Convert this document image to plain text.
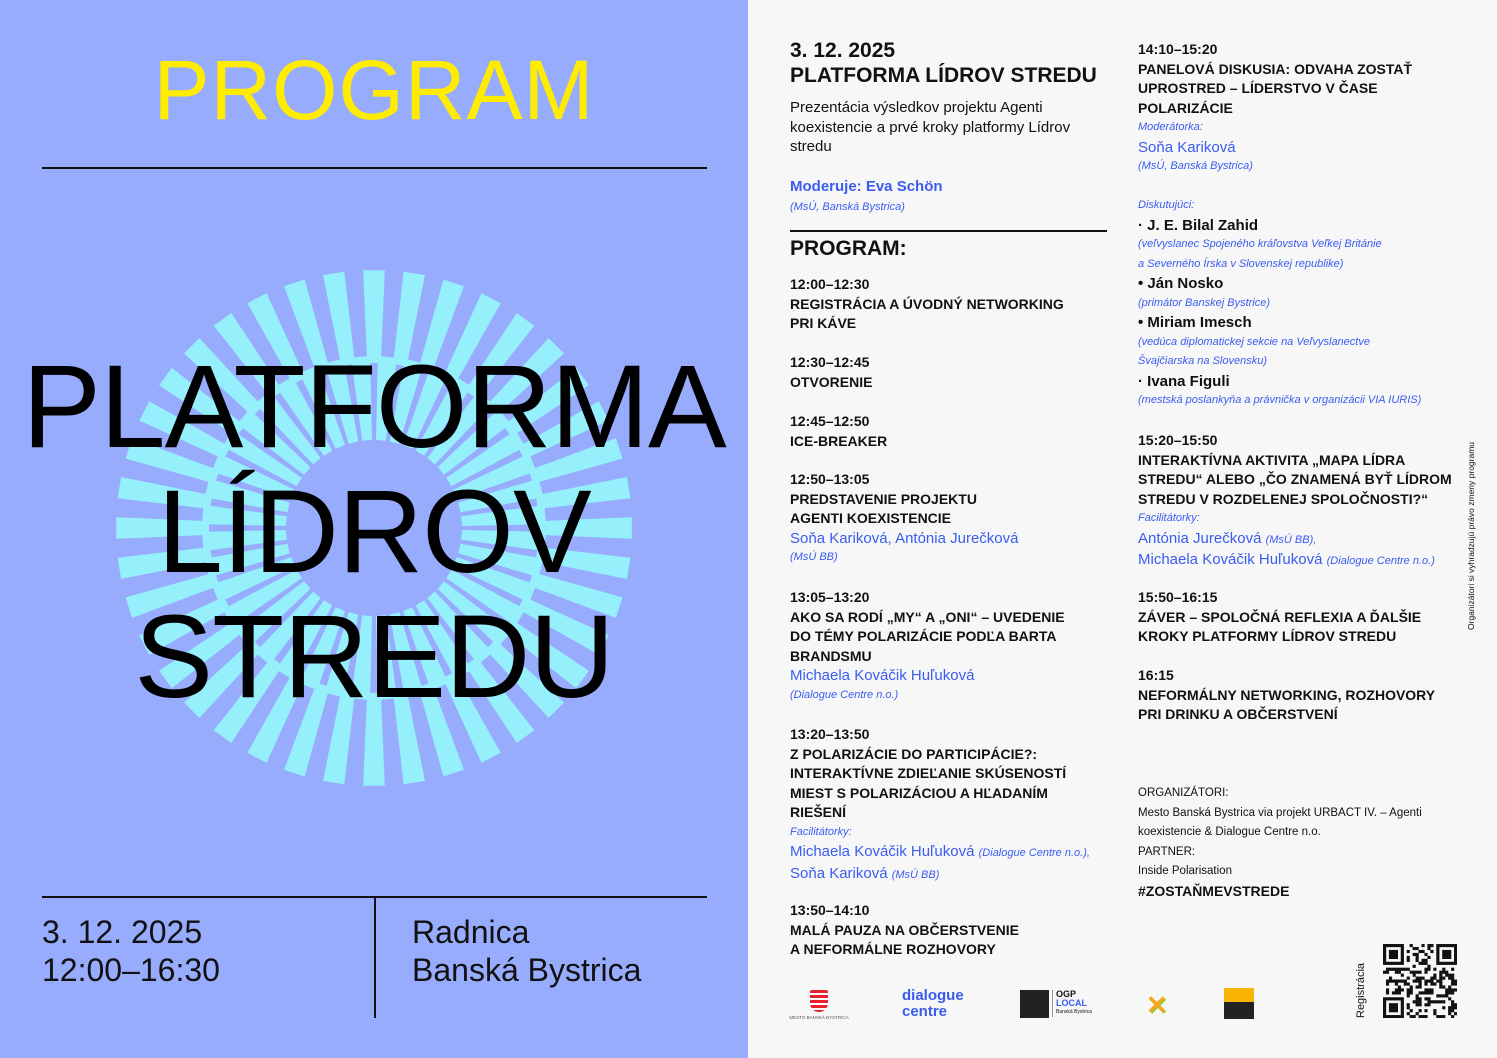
PROGRAM
PLATFORMA
LÍDROV
STREDU
3. 12. 2025
12:00–16:30
Radnica
Banská Bystrica
3. 12. 2025
PLATFORMA LÍDROV STREDU
Prezentácia výsledkov projektu Agenti koexistencie a prvé kroky platformy Lídrov stredu
Moderuje: Eva Schön
(MsÚ, Banská Bystrica)
PROGRAM:
12:00–12:30
REGISTRÁCIA A ÚVODNÝ NETWORKING
PRI KÁVE
12:30–12:45
OTVORENIE
12:45–12:50
ICE-BREAKER
12:50–13:05
PREDSTAVENIE PROJEKTU
AGENTI KOEXISTENCIE
Soňa Kariková, Antónia Jurečková
(MsÚ BB)
13:05–13:20
AKO SA RODÍ „MY“ A „ONI“ – UVEDENIE
DO TÉMY POLARIZÁCIE PODĽA BARTA
BRANDSMU
Michaela Kováčik Huľuková
(Dialogue Centre n.o.)
13:20–13:50
Z POLARIZÁCIE DO PARTICIPÁCIE?:
INTERAKTÍVNE ZDIEĽANIE SKÚSENOSTÍ
MIEST S POLARIZÁCIOU A HĽADANÍM
RIEŠENÍ
Facilitátorky:
Michaela Kováčik Huľuková (Dialogue Centre n.o.),
Soňa Kariková (MsÚ BB)
13:50–14:10
MALÁ PAUZA NA OBČERSTVENIE
A NEFORMÁLNE ROZHOVORY
14:10–15:20
PANELOVÁ DISKUSIA: ODVAHA ZOSTAŤ
UPROSTRED – LÍDERSTVO V ČASE
POLARIZÁCIE
Moderátorka:
Soňa Kariková
(MsÚ, Banská Bystrica)
Diskutujúci:
· J. E. Bilal Zahid
(veľvyslanec Spojeného kráľovstva Veľkej Británie
a Severného Írska v Slovenskej republike)
• Ján Nosko
(primátor Banskej Bystrice)
• Miriam Imesch
(vedúca diplomatickej sekcie na Veľvyslanectve
Švajčiarska na Slovensku)
· Ivana Figuli
(mestská poslankyňa a právnička v organizácii VIA IURIS)
15:20–15:50
INTERAKTÍVNA AKTIVITA „MAPA LÍDRA
STREDU“ ALEBO „ČO ZNAMENÁ BYŤ LÍDROM
STREDU V ROZDELENEJ SPOLOČNOSTI?“
Facilitátorky:
Antónia Jurečková (MsÚ BB),
Michaela Kováčik Huľuková (Dialogue Centre n.o.)
15:50–16:15
ZÁVER – SPOLOČNÁ REFLEXIA A ĎALŠIE
KROKY PLATFORMY LÍDROV STREDU
16:15
NEFORMÁLNY NETWORKING, ROZHOVORY
PRI DRINKU A OBČERSTVENÍ
ORGANIZÁTORI:
Mesto Banská Bystrica via projekt URBACT IV. – Agenti
koexistencie & Dialogue Centre n.o.
PARTNER:
Inside Polarisation
#ZOSTAŇMEVSTREDE
Organizátori si vyhradzujú právo zmeny programu
Registrácia
MESTO BANSKÁ BYSTRICA
dialogue
centre
OGP
LOCAL
Banská Bystrica ✕
